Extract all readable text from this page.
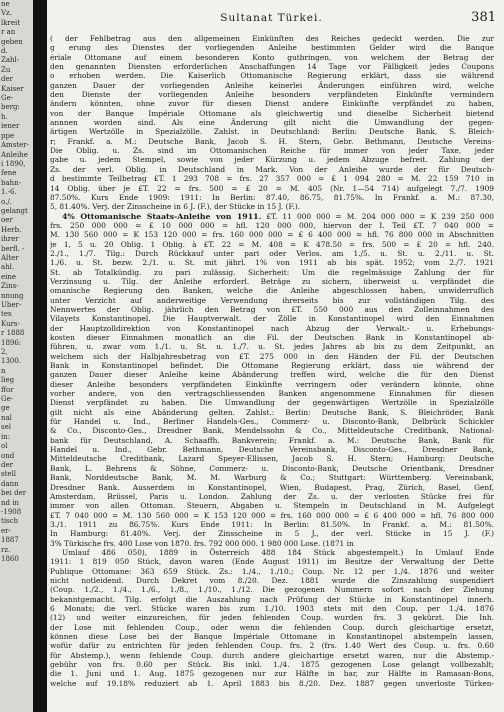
ne
Vz.
lkreit
r an
geben
d.
Zahl-
Zu
der
Kaiser
Ge-
berg:
h.
iener
ppe
Amster-
Anleihe
i 1890,
fene
bahn-
1.-6.
o./.
gelangt
oer
Herb.
ihrer
berfl. -
Alter
ahl.
eine
Zins-
nnung
Über-
tes
Kurs-
r 1888
1896:
2,
1300.
n
lieg
ffor
Ge-
ge
nal
sel
in:
ol
ond
der
stell
dann
bei der
nd in
-1908
tisch
er-
1887
rz.
1860
Sultanat Türkei.	381
( der Fehlbetrag aus den allgemeinen Einkünften des Reiches gedeckt werden. Die zur
g erung des Dienstes der vorliegenden Anleihe bestimmten Gelder wird die Banque
ériale Ottomane auf einem besonderen Konto gutbringen, von welchem der Betrag der
den genannten Diensten erforderlichen Anschaffungen 14 Tage vor Fälligkeit jedes Coupons
o erhoben werden. Die Kaiserlich Ottomanische Regierung erklärt, dass sie während
ganzen Dauer der vorliegenden Anleihe keinerlei Änderungen einführen wird, welche
den Dienste der vorliegenden Anleihe besonders verpfändeten Einkünfte vermindern
ändern könnten, ohne zuvor für diesen Dienst andere Einkünfte verpfändet zu haben,
von der Banque Impériale Ottomane als gleichwertig und dieselbe Sicherheit bietend
annnen worden sind. Als eine Änderung gilt nicht die Umwandlung der gegen-
ärtigen Wertzölle in Spezialzölle. Zahlst. in Deutschland: Berlin: Deutsche Bank, S. Bleich-
r; Frankf. a. M.: Deutsche Bank, Jacob S. H. Stern, Gebr. Bethmann, Deutsche Vereins-
Die Oblig. u. Zs. sind im Ottomanischen Reiche für immer von jeder Taxe, jeder
gabe u. jedem Stempel, sowie von jeder Kürzung u. jedem Abzuge befreit. Zahlung der
Zs. der verl. Oblig. in Deutschland in Mark. Von der Anleihe wurde der für Deutsch-
d bestimmte Teilbetrag £T. 1 293 708 = frs. 27 357 000 = £ 1 094 280 = M. 22 159 710 in
14 Oblig. über je £T. 22 = frs. 500 = £ 20 = M. 405 (Nr. 1—54 714) aufgelegt 7./7. 1909
87.50%. Kurs Ende 1909: 1911: In Berlin: 87.40, 86.75, 81.75%. In Frankf. a. M.: 87.30,
5, 81.40%. Verj. der Zinsscheine in 6 J. (F.), der Stücke in 15 J. (F.).
4% Ottomanische Staats-Anleihe von 1911. £T. 11 000 000 = M. 204 000 000 = K 239 250 000
frs. 250 000 000 = £ 10 000 000 = hfl. 120 000 000, hiervon der I. Teil £T. 7 040 000 =
M. 130 560 000 = K 153 120 000 = frs. 160 000 000 = £ 6 400 000 = hfl. 76 800 000 in Abschnitten
je 1, 5 u. 20 Oblig. 1 Oblig. à £T. 22 = M. 408 = K 478.50 = frs. 500 = £ 20 = hfl. 240.
2./1., 1./7. Tilg.: Durch Rückkauf unter pari oder Verlos. am 1./5. u. St. u. 2./11. u. St.
1./6. u. St. bezw. 2./1. u. St. mit jährl. 1% von 1911 ab bis spät. 1952; vom 2./7. 1921
St. ab Totalkündig. zu pari zulässig. Sicherheit: Um die regelmässige Zahlung der für
Verzinsung u. Tilg. der Anleihe erforderl. Beträge zu sichern, überweist u. verpfändet die
omanische Regierung den Banken, welche die Anleihe abgeschlossen haben, unwiderruflich
unter Verzicht auf anderweitige Verwendung ihrerseits bis zur vollständigen Tilg. des
Nennwertes der Oblig. jährlich den Betrag von £T. 550 000 aus den Zolleinnahmen des
Vilayets Konstantinopel. Die Hauptverwalt. der Zölle in Konstantinopel wird den Einnahmen
der Hauptzolldirektion von Konstantinopel nach Abzug der Verwalt.- u. Erhebungs-
kosten dieser Einnahmen monatlich an die Fil. der Deutschen Bank in Konstantinopel ab-
führen, u. zwar vom 1./1. u. St. u. 1./7. u. St. jedes Jahres ab bis zu dem Zeitpunkt, an
welchem sich der Halbjahresbetrag von £T. 275 000 in den Händen der Fil. der Deutschen
Bank in Konstantinopel befindet. Die Ottomane Regierung erklärt, dass sie während der
ganzen Dauer dieser Anleihe keine Abänderung treffen wird, welche die für den Dienst
dieser Anleihe besonders verpfändeten Einkünfte verringern oder verändern könnte, ohne
vorher andere, von den vertragschliessenden Banken angenommene Einnahmen für diesen
Dienst verpfändet zu haben. Die Umwandlung der gegenwärtigen Wertzölle in Spezialzölle
gilt nicht als eine Abänderung gelten. Zahlst.: Berlin: Deutsche Bank, S. Bleichröder, Bank
für Handel u. Ind., Berliner Handels-Ges., Commerz- u. Disconto-Bank, Delbrück Schickler
& Co., Disconto-Ges., Dresdner Bank, Mendelssohn & Co., Mitteldeutsche Creditbank, National-
bank für Deutschland, A. Schaaffh. Bankverein; Frankf. a. M.: Deutsche Bank, Bank für
Handel u. Ind., Gebr. Bethmann, Deutsche Vereinsbank, Disconto-Ges., Dresdner Bank,
Mitteldeutsche Creditbank, Lazard Speyer-Ellissen, Jacob S. H. Stern; Hamburg: Deutsche
Bank, L. Behrens & Söhne, Commerz- u. Disconto-Bank, Deutsche Orientbank, Dresdner
Bank, Norddeutsche Bank, M. M. Warburg & Co.; Stuttgart: Württemberg. Vereinsbank,
Dresdner Bank. Ausserdem in Konstantinopel, Wien, Budapest, Prag, Zürich, Basel, Genf,
Amsterdam, Brüssel, Paris u. London. Zahlung der Zs. u. der verlosten Stücke frei für
immer von allen Ottoman. Steuern, Abgaben u. Stempeln in Deutschland in M. Aufgelegt
£T. 7 040 000 = M. 130 560 000 = K 153 120 000 = frs. 160 000 000 = £ 6 400 000 = hfl. 76 800 000
3./1. 1911 zu 86.75%. Kurs Ende 1911: In Berlin: 81.50%. In Frankf. a. M.: 81.50%.
In Hamburg: 81.40%. Verj. der Zinsscheine in 5 J., der verl. Stücke in 15 J. (F.)
3% Türkische frs. 400 Lose von 1870. frs. 792 000 000. 1 980 000 Lose. (1871 in
Umlauf 486 050), 1889 in Österreich 488 184 Stück abgestempelt.) In Umlauf Ende
1911: 1 819 050 Stück, davon waren (Ende August 1911) im Besitze der Verwaltung der Dette
Publique Ottomane: 363 659 Stück. Zs.: 1./4., 1./10.; Coup. Nr. 12 per 1./4. 1876 und weiter
nicht notleidend. Durch Dekret vom 8./20. Dez. 1881 wurde die Zinszahlung suspendiert
(Coup. 1./2., 1./4., 1./6., 1./8., 1./10., 1./12. Die gezogenen Nummern sofort nach der Ziehung
bekanntgemacht. Tilg. erfolgt die Auszahlung nach Prüfung der Stücke in Konstantinopel innerh.
6 Monats; die verl. Stücke waren bis zum 1./10. 1903 stets mit den Coup. per 1./4. 1876
(12) und weiter einzureichen, für jeden fehlenden Coup. wurden frs. 3 gekürzt. Die Inh.
der Lose mit fehlenden Coup., oder wenn die fehlenden Coup. durch gleichartige ersetzt,
können diese Lose bei der Banque Impériale Ottomane in Konstantinopel abstempeln lassen,
wofür dafür zu entrichten für jeden fehlenden Coup. frs. 2 (frs. 1.40 Wert des Coup. u. frs. 0.60
für Abstemp.), wenn fehlende Coup. durch andere gleichartige ersetzt waren, nur die Abstemp.-
gebühr von frs. 0.60 per Stück. Bis inkl. 1./4. 1875 gezogenen Lose gelangt vollbezahlt;
die 1. Juni und 1. Aug. 1875 gezogenen nur zur Hälfte in bar, zur Hälfte in Ramasan-Bons,
welche auf 19.18% reduziert ab 1. April 1883 bis 8./20. Dez. 1887 gegen unverloste Türken-
